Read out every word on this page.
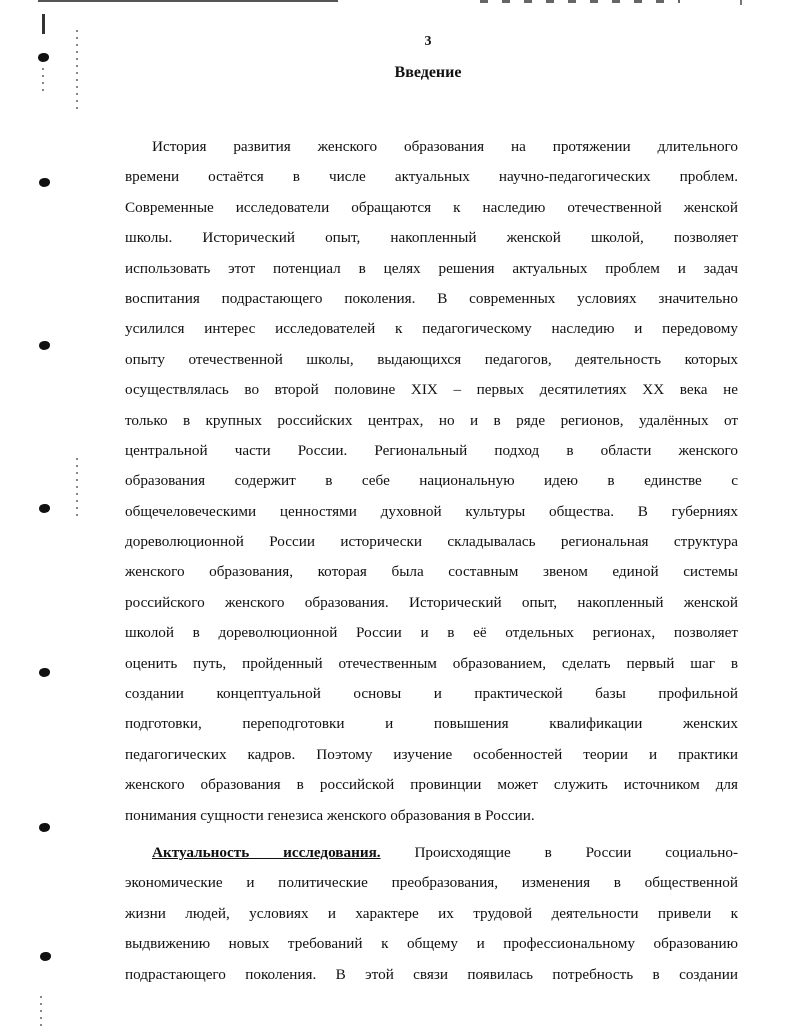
3
Введение
История развития женского образования на протяжении длительного
времени остаётся в числе актуальных научно-педагогических проблем.
Современные исследователи обращаются к наследию отечественной женской
школы. Исторический опыт, накопленный женской школой, позволяет
использовать этот потенциал в целях решения актуальных проблем и задач
воспитания подрастающего поколения. В современных условиях значительно
усилился интерес исследователей к педагогическому наследию и передовому
опыту отечественной школы, выдающихся педагогов, деятельность которых
осуществлялась во второй половине XIX – первых десятилетиях XX века не
только в крупных российских центрах, но и в ряде регионов, удалённых от
центральной части России. Региональный подход в области женского
образования содержит в себе национальную идею в единстве с
общечеловеческими ценностями духовной культуры общества. В губерниях
дореволюционной России исторически складывалась региональная структура
женского образования, которая была составным звеном единой системы
российского женского образования. Исторический опыт, накопленный женской
школой в дореволюционной России и в её отдельных регионах, позволяет
оценить путь, пройденный отечественным образованием, сделать первый шаг в
создании концептуальной основы и практической базы профильной
подготовки, переподготовки и повышения квалификации женских
педагогических кадров. Поэтому изучение особенностей теории и практики
женского образования в российской провинции может служить источником для
понимания сущности генезиса женского образования в России.
Актуальность исследования. Происходящие в России социально-
экономические и политические преобразования, изменения в общественной
жизни людей, условиях и характере их трудовой деятельности привели к
выдвижению новых требований к общему и профессиональному образованию
подрастающего поколения. В этой связи появилась потребность в создании
